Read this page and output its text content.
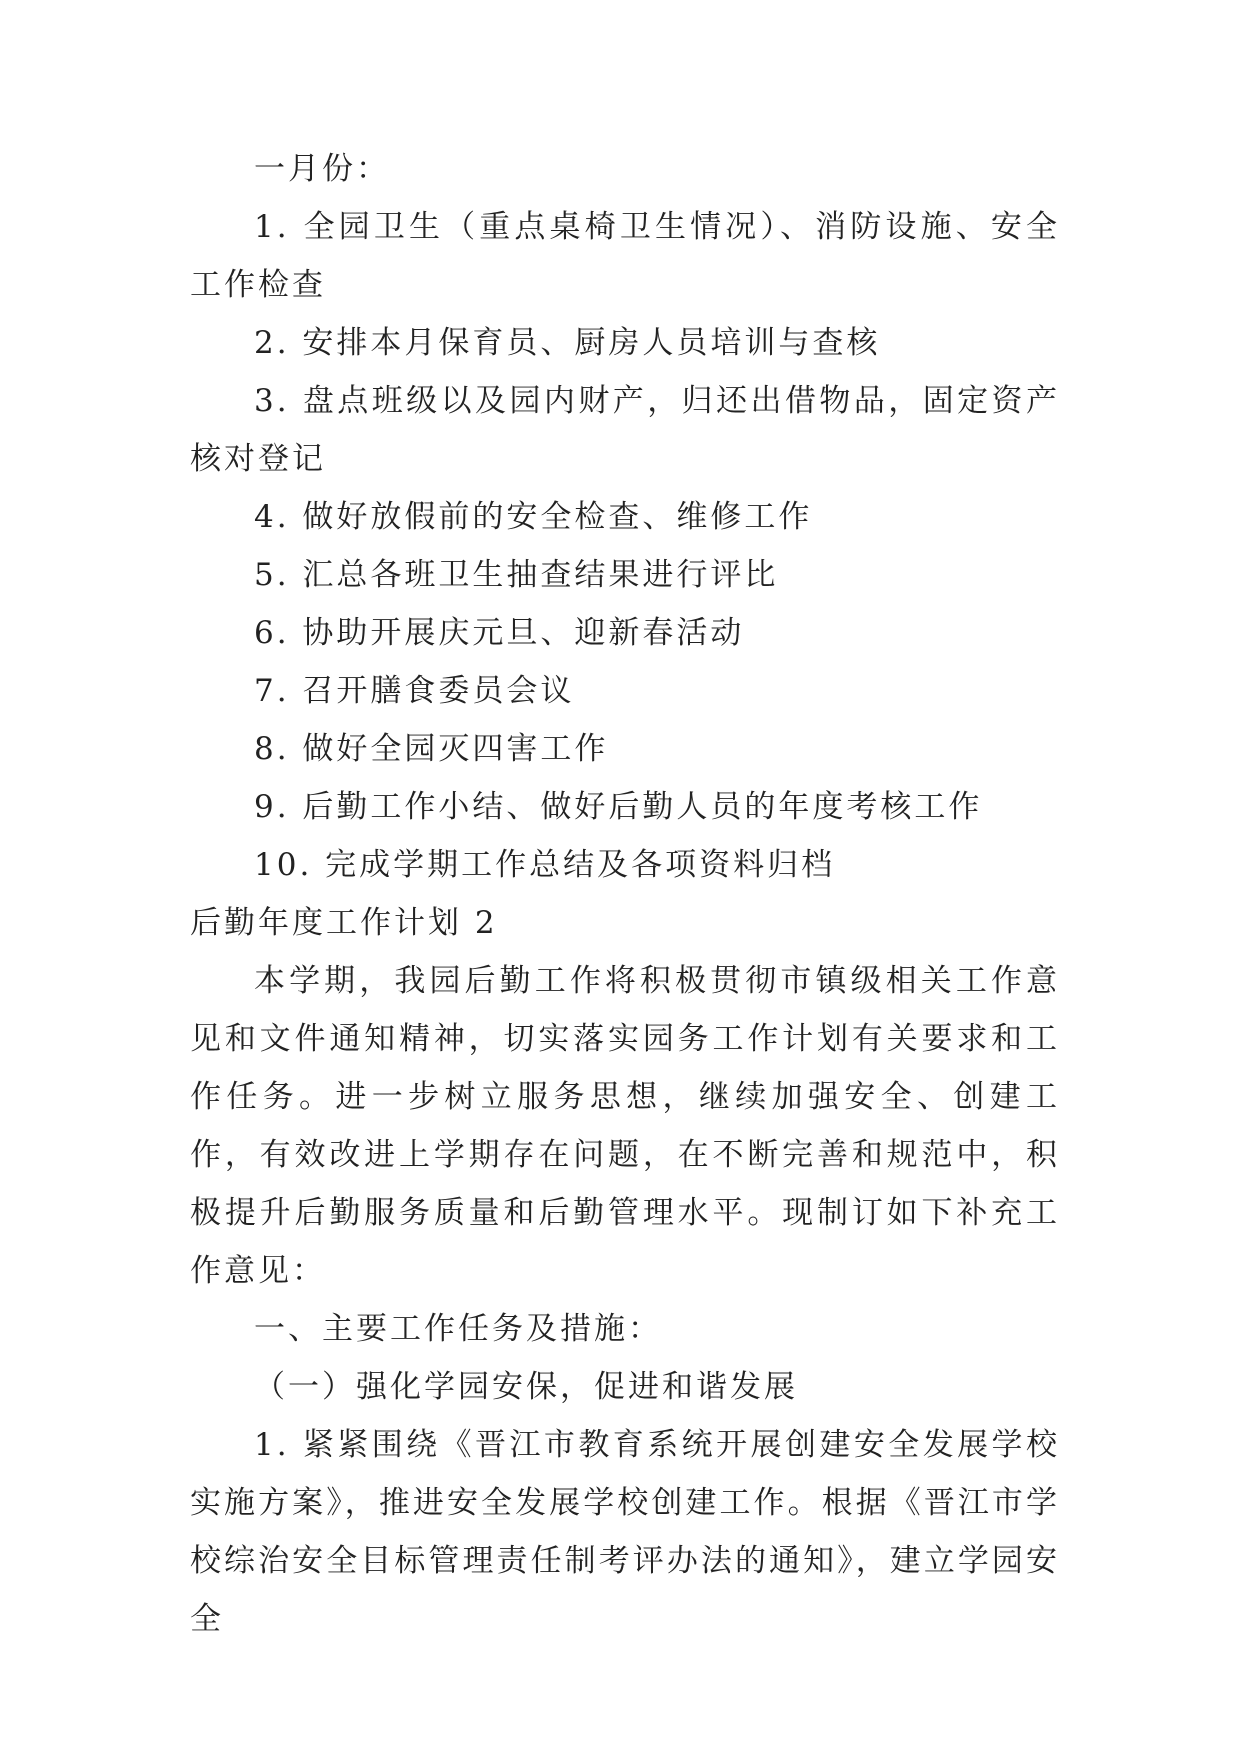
一月份：

1. 全园卫生（重点桌椅卫生情况）、消防设施、安全工作检查

2. 安排本月保育员、厨房人员培训与查核

3. 盘点班级以及园内财产，归还出借物品，固定资产核对登记

4. 做好放假前的安全检查、维修工作

5. 汇总各班卫生抽查结果进行评比

6. 协助开展庆元旦、迎新春活动

7. 召开膳食委员会议

8. 做好全园灭四害工作

9. 后勤工作小结、做好后勤人员的年度考核工作

10. 完成学期工作总结及各项资料归档

后勤年度工作计划 2

本学期，我园后勤工作将积极贯彻市镇级相关工作意见和文件通知精神，切实落实园务工作计划有关要求和工作任务。进一步树立服务思想，继续加强安全、创建工作，有效改进上学期存在问题，在不断完善和规范中，积极提升后勤服务质量和后勤管理水平。现制订如下补充工作意见：

一、主要工作任务及措施：

（一）强化学园安保，促进和谐发展

1. 紧紧围绕《晋江市教育系统开展创建安全发展学校实施方案》，推进安全发展学校创建工作。根据《晋江市学校综治安全目标管理责任制考评办法的通知》，建立学园安全
